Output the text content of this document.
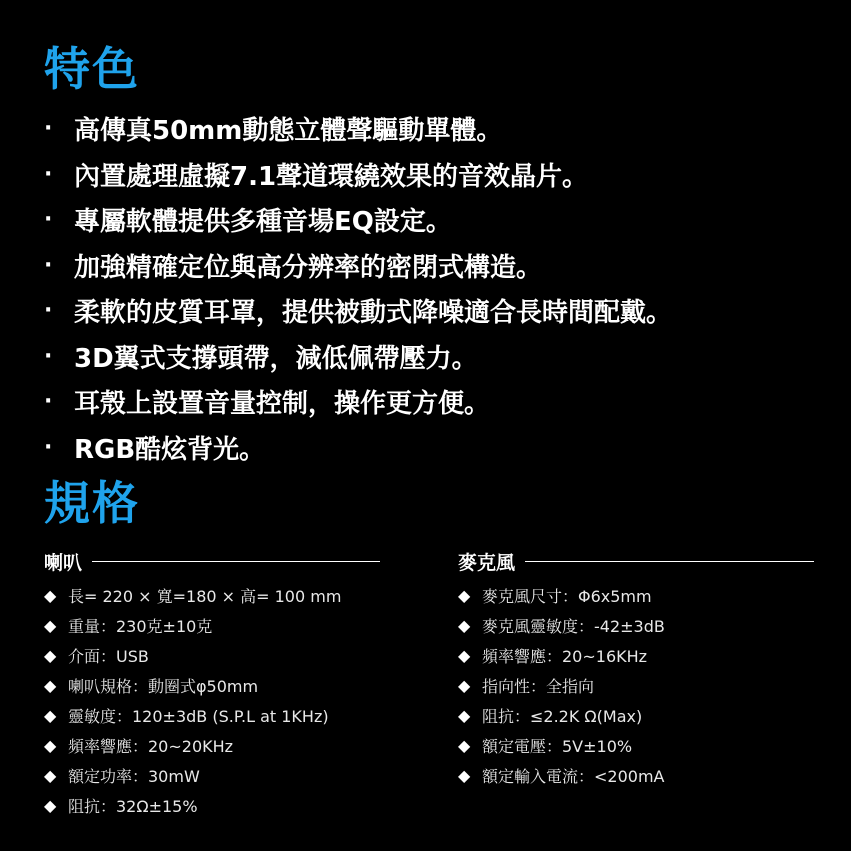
特色
· 高傳真50mm動態立體聲驅動單體。
· 內置處理虛擬7.1聲道環繞效果的音效晶片。
· 專屬軟體提供多種音場EQ設定。
· 加強精確定位與高分辨率的密閉式構造。
· 柔軟的皮質耳罩，提供被動式降噪適合長時間配戴。
· 3D翼式支撐頭帶，減低佩帶壓力。
· 耳殼上設置音量控制，操作更方便。
· RGB酷炫背光。
規格
喇叭
◆ 長= 220 × 寬=180 × 高= 100 mm
◆ 重量：230克±10克
◆ 介面：USB
◆ 喇叭規格：動圈式φ50mm
◆ 靈敏度：120±3dB (S.P.L at 1KHz)
◆ 頻率響應：20~20KHz
◆ 額定功率：30mW
◆ 阻抗：32Ω±15%
麥克風
◆ 麥克風尺寸：Φ6x5mm
◆ 麥克風靈敏度：-42±3dB
◆ 頻率響應：20~16KHz
◆ 指向性：全指向
◆ 阻抗：≤2.2K Ω(Max)
◆ 額定電壓：5V±10%
◆ 額定輸入電流：<200mA
